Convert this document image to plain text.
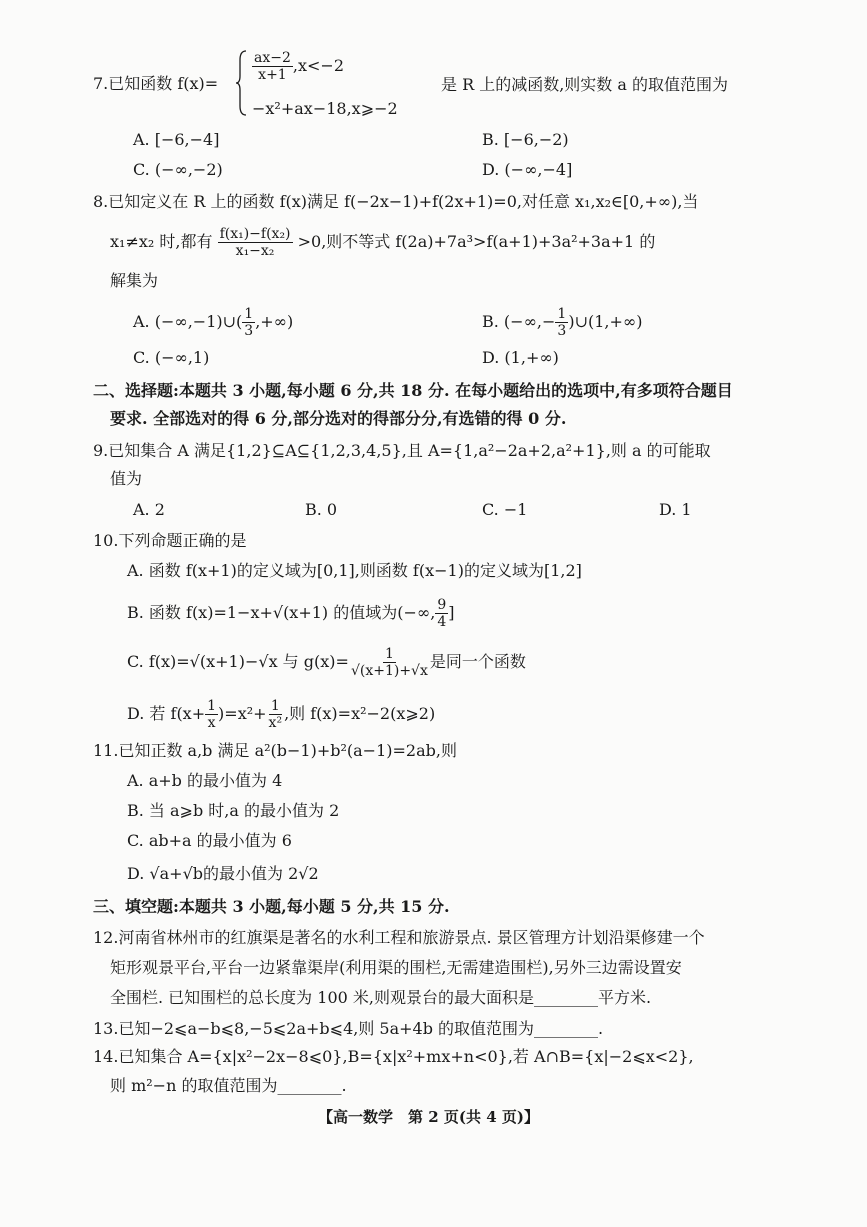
7.已知函数 f(x)=
$\frac{ax-2}{x+1} ,x<-2$
−x²+ax−18,x⩾−2
是 R 上的减函数,则实数 a 的取值范围为
A. [−6,−4]	B. [−6,−2)
C. (−∞,−2)	D. (−∞,−4]
8.已知定义在 R 上的函数 f(x)满足 f(−2x−1)+f(2x+1)=0,对任意 x₁,x₂∈[0,+∞),当
x₁≠x₂ 时,都有 $\frac{\text{f(x₁)−f(x₂)}}{\text{x₁−x₂}} >0$,则不等式 f(2a)+7a³>f(a+1)+3a²+3a+1 的
解集为
A. (−∞,−1)∪( $\frac{1}{3}$ ,+∞)	B. (−∞,− $\frac{1}{3}$ )∪(1,+∞)
C. (−∞,1)	D. (1,+∞)
二、选择题:本题共 3 小题,每小题 6 分,共 18 分. 在每小题给出的选项中,有多项符合题目
要求. 全部选对的得 6 分,部分选对的得部分分,有选错的得 0 分.
9.已知集合 A 满足{1,2}⊆A⊆{1,2,3,4,5},且 A={1,a²−2a+2,a²+1},则 a 的可能取
值为
A. 2	B. 0	C. −1	D. 1
10.下列命题正确的是
A. 函数 f(x+1)的定义域为[0,1],则函数 f(x−1)的定义域为[1,2]
B. 函数 f(x)=1−x+√(x+1) 的值域为(−∞, $\frac{9}{4}$ ]
C. f(x)=√(x+1)−√x 与 $g(x)= \frac{1}{√(x+1)+√x}$ 是同一个函数
D. 若 $f(x+ \frac{1}{x} )=x^2+ \frac{1}{\text{x²}}$ ,则 f(x)=x²−2(x⩾2)
11.已知正数 a,b 满足 a²(b−1)+b²(a−1)=2ab,则
A. a+b 的最小值为 4
B. 当 a⩾b 时,a 的最小值为 2
C. ab+a 的最小值为 6
D. √a+√b的最小值为 2√2
三、填空题:本题共 3 小题,每小题 5 分,共 15 分.
12.河南省林州市的红旗渠是著名的水利工程和旅游景点. 景区管理方计划沿渠修建一个
矩形观景平台,平台一边紧靠渠岸(利用渠的围栏,无需建造围栏),另外三边需设置安
全围栏. 已知围栏的总长度为 100 米,则观景台的最大面积是________平方米.
13.已知−2⩽a−b⩽8,−5⩽2a+b⩽4,则 5a+4b 的取值范围为________.
14.已知集合 A={x|x²−2x−8⩽0},B={x|x²+mx+n<0},若 A∩B={x|−2⩽x<2},
则 m²−n 的取值范围为________.
【高一数学　第 2 页(共 4 页)】
